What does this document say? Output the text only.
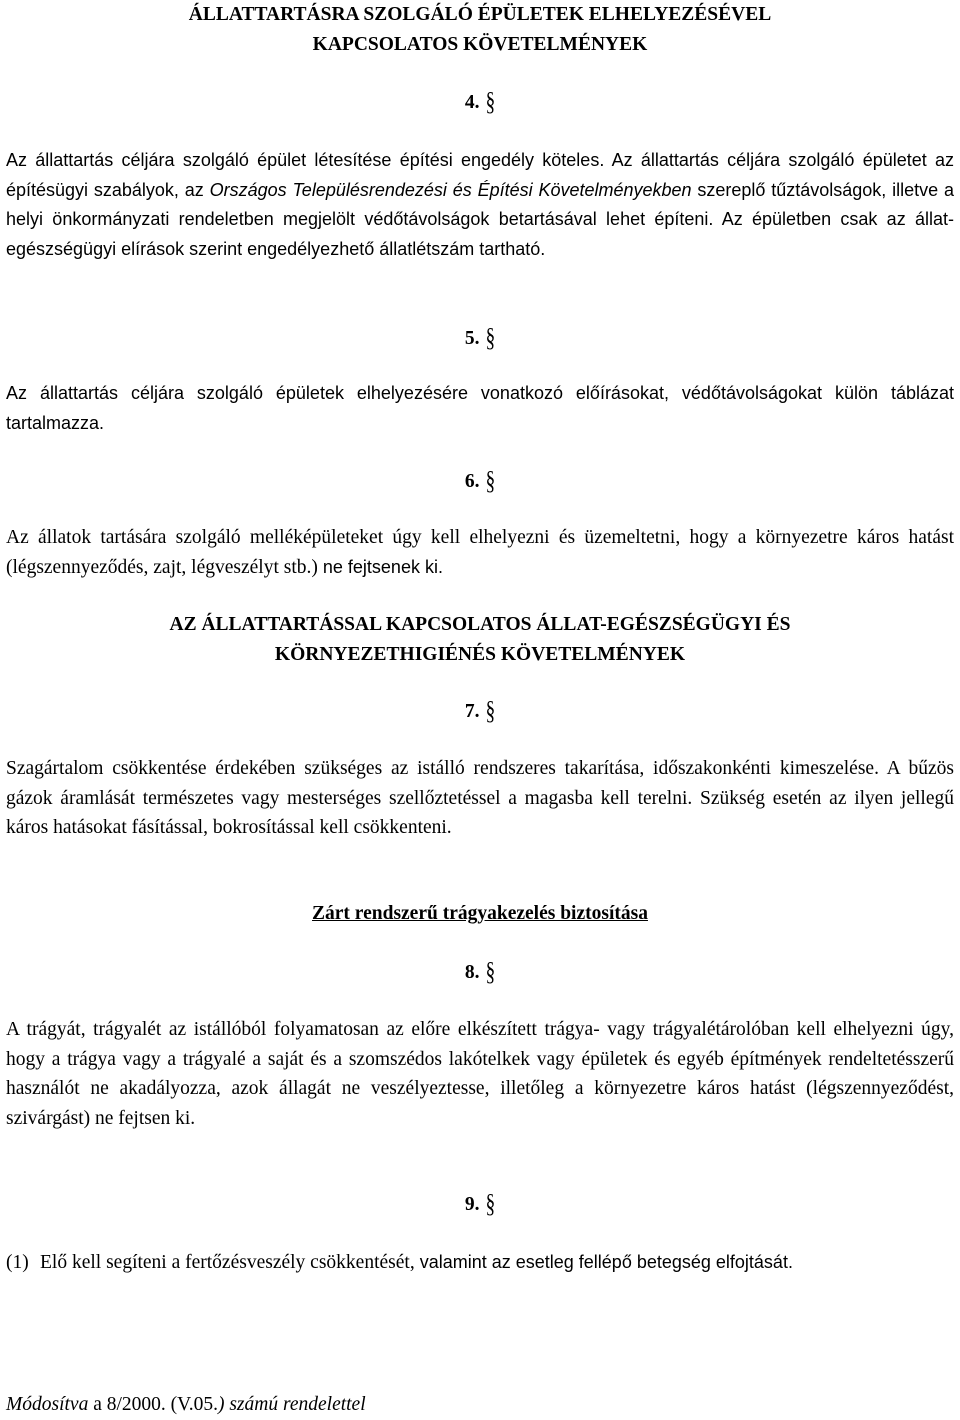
ÁLLATTARTÁSRA SZOLGÁLÓ ÉPÜLETEK ELHELYEZÉSÉVEL
KAPCSOLATOS KÖVETELMÉNYEK

4. §

Az állattartás céljára szolgáló épület létesítése építési engedély köteles. Az állattartás céljára szolgáló épületet az építésügyi szabályok, az Országos Településrendezési és Építési Követelményekben szereplő tűztávolságok, illetve a helyi önkormányzati rendeletben megjelölt védőtávolságok betartásával lehet építeni. Az épületben csak az állat-egészségügyi elírások szerint engedélyezhető állatlétszám tartható.

5. §

Az állattartás céljára szolgáló épületek elhelyezésére vonatkozó előírásokat, védőtávolságokat külön táblázat tartalmazza.

6. §

Az állatok tartására szolgáló melléképületeket úgy kell elhelyezni és üzemeltetni, hogy a környezetre káros hatást (légszennyeződés, zajt, légveszélyt stb.) ne fejtsenek ki.

AZ ÁLLATTARTÁSSAL KAPCSOLATOS ÁLLAT-EGÉSZSÉGÜGYI ÉS
KÖRNYEZETHIGIÉNÉS KÖVETELMÉNYEK

7. §

Szagártalom csökkentése érdekében szükséges az istálló rendszeres takarítása, időszakonkénti kimeszelése. A bűzös gázok áramlását természetes vagy mesterséges szellőztetéssel a magasba kell terelni. Szükség esetén az ilyen jellegű káros hatásokat fásítással, bokrosítással kell csökkenteni.

Zárt rendszerű trágyakezelés biztosítása

8. §

A trágyát, trágyalét az istállóból folyamatosan az előre elkészített trágya- vagy trágyalétárolóban kell elhelyezni úgy, hogy a trágya vagy a trágyalé a saját és a szomszédos lakótelkek vagy épületek és egyéb építmények rendeltetésszerű használót ne akadályozza, azok állagát ne veszélyeztesse, illetőleg a környezetre káros hatást (légszennyeződést, szivárgást) ne fejtsen ki.

9. §

(1) Elő kell segíteni a fertőzésveszély csökkentését, valamint az esetleg fellépő betegség elfojtását.

Módosítva a 8/2000. (V.05.) számú rendelettel
